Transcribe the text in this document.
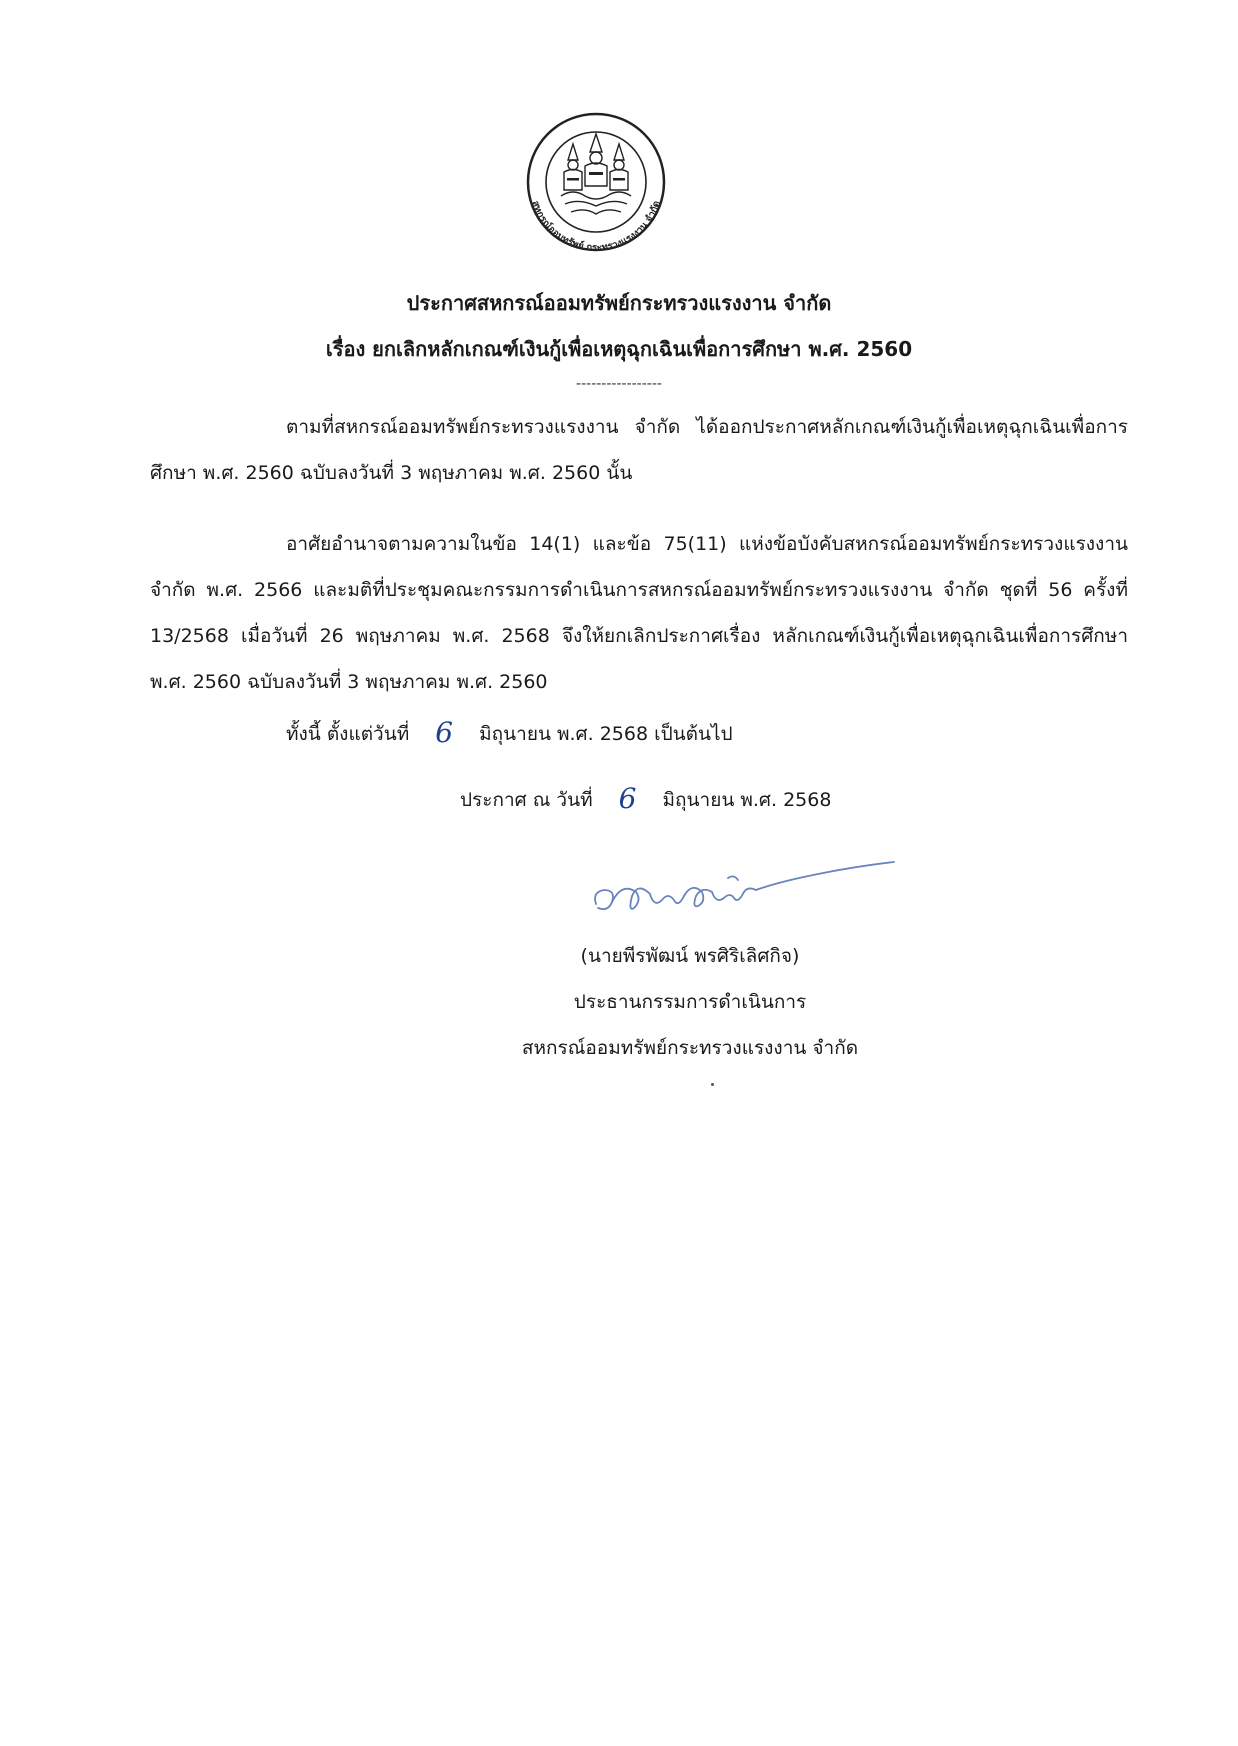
สหกรณ์ออมทรัพย์ กระทรวงแรงงาน จำกัด

ประกาศสหกรณ์ออมทรัพย์กระทรวงแรงงาน จำกัด

เรื่อง ยกเลิกหลักเกณฑ์เงินกู้เพื่อเหตุฉุกเฉินเพื่อการศึกษา พ.ศ. 2560

-----------------

ตามที่สหกรณ์ออมทรัพย์กระทรวงแรงงาน จำกัด ได้ออกประกาศหลักเกณฑ์เงินกู้เพื่อเหตุฉุกเฉินเพื่อการศึกษา พ.ศ. 2560 ฉบับลงวันที่ 3 พฤษภาคม พ.ศ. 2560 นั้น

อาศัยอำนาจตามความในข้อ 14(1) และข้อ 75(11) แห่งข้อบังคับสหกรณ์ออมทรัพย์กระทรวงแรงงาน จำกัด พ.ศ. 2566 และมติที่ประชุมคณะกรรมการดำเนินการสหกรณ์ออมทรัพย์กระทรวงแรงงาน จำกัด ชุดที่ 56 ครั้งที่ 13/2568 เมื่อวันที่ 26 พฤษภาคม พ.ศ. 2568 จึงให้ยกเลิกประกาศเรื่อง หลักเกณฑ์เงินกู้เพื่อเหตุฉุกเฉินเพื่อการศึกษา พ.ศ. 2560 ฉบับลงวันที่ 3 พฤษภาคม พ.ศ. 2560

ทั้งนี้ ตั้งแต่วันที่ 6 มิถุนายน พ.ศ. 2568 เป็นต้นไป
ประกาศ ณ วันที่ 6 มิถุนายน พ.ศ. 2568

(นายพีรพัฒน์ พรศิริเลิศกิจ)

ประธานกรรมการดำเนินการ

สหกรณ์ออมทรัพย์กระทรวงแรงงาน จำกัด
